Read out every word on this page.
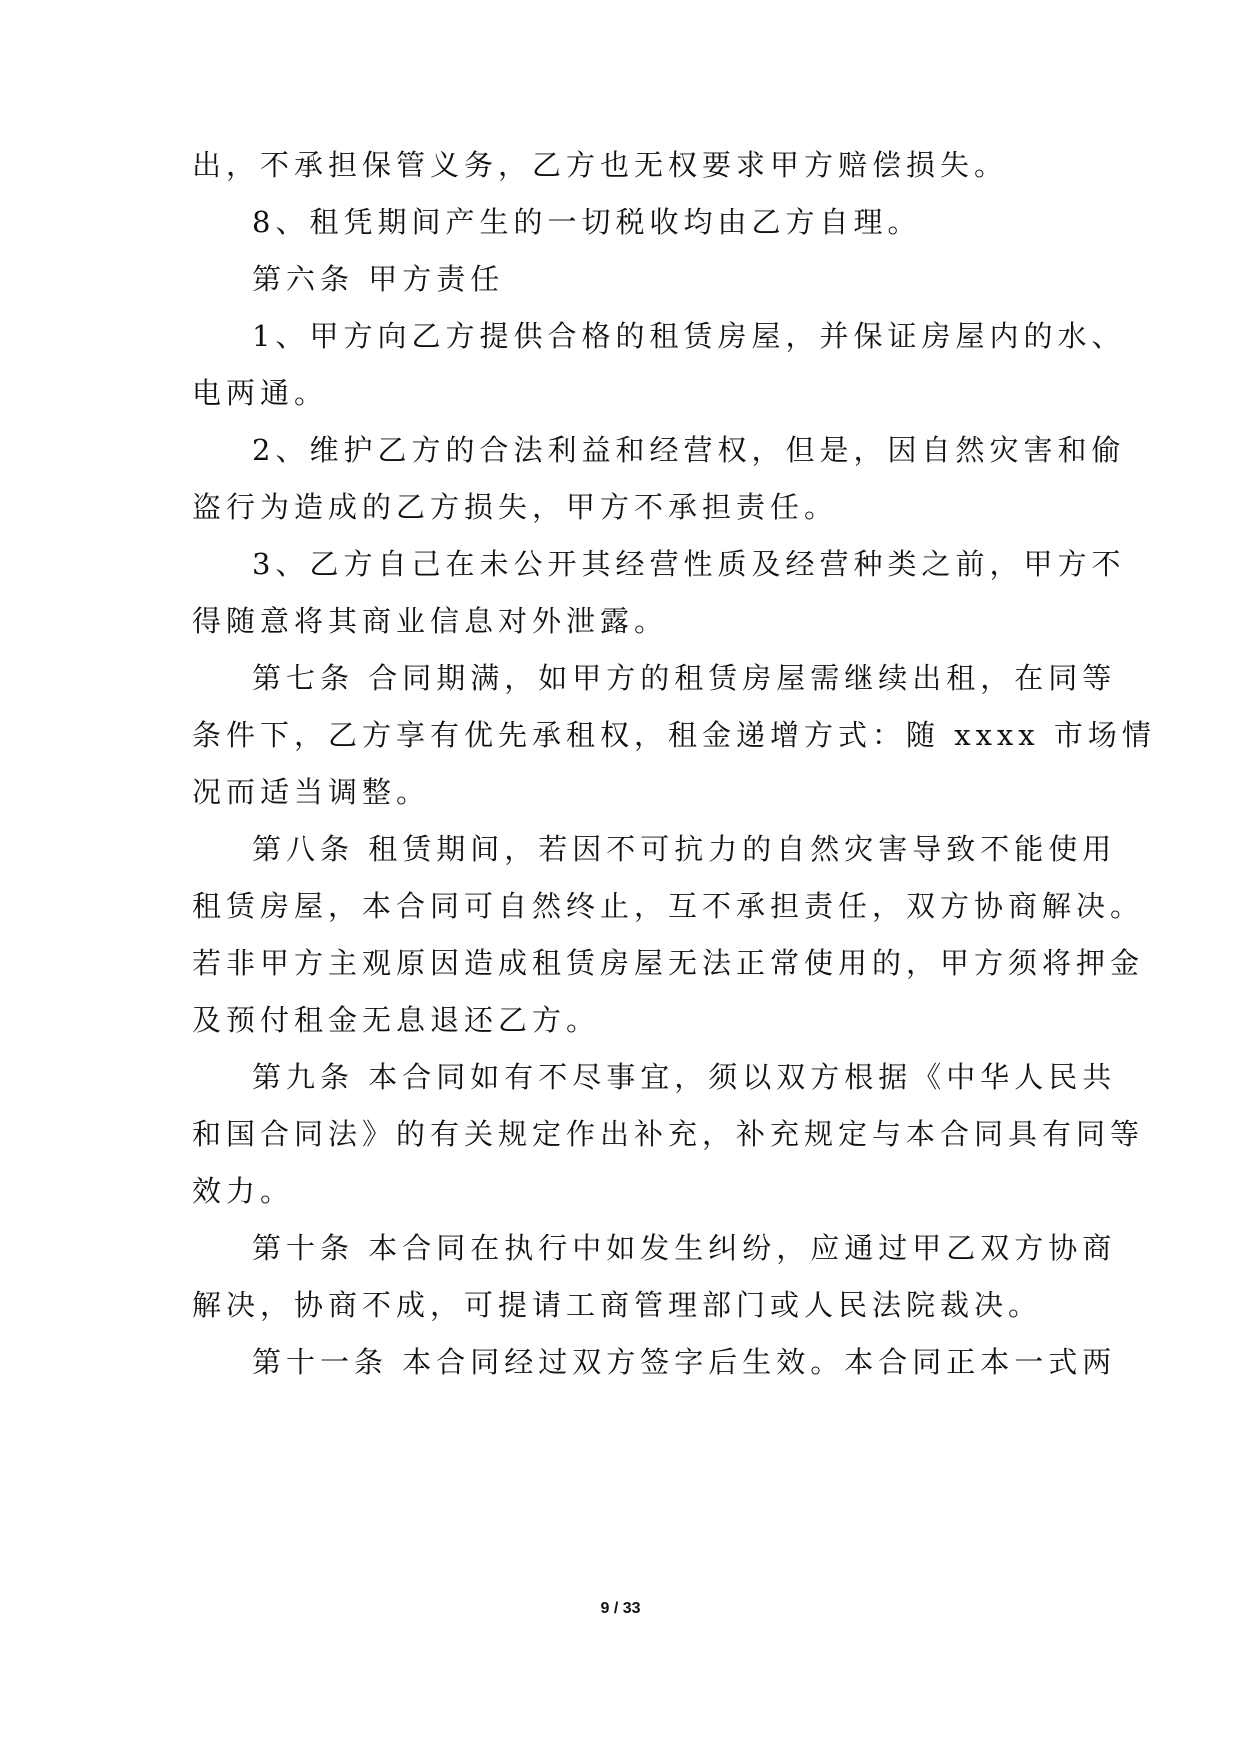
出，不承担保管义务，乙方也无权要求甲方赔偿损失。
8、租凭期间产生的一切税收均由乙方自理。
第六条 甲方责任
1、甲方向乙方提供合格的租赁房屋，并保证房屋内的水、
电两通。
2、维护乙方的合法利益和经营权，但是，因自然灾害和偷
盗行为造成的乙方损失，甲方不承担责任。
3、乙方自己在未公开其经营性质及经营种类之前，甲方不
得随意将其商业信息对外泄露。
第七条 合同期满，如甲方的租赁房屋需继续出租，在同等
条件下，乙方享有优先承租权，租金递增方式：随 xxxx 市场情
况而适当调整。
第八条 租赁期间，若因不可抗力的自然灾害导致不能使用
租赁房屋，本合同可自然终止，互不承担责任，双方协商解决。
若非甲方主观原因造成租赁房屋无法正常使用的，甲方须将押金
及预付租金无息退还乙方。
第九条 本合同如有不尽事宜，须以双方根据《中华人民共
和国合同法》的有关规定作出补充，补充规定与本合同具有同等
效力。
第十条 本合同在执行中如发生纠纷，应通过甲乙双方协商
解决，协商不成，可提请工商管理部门或人民法院裁决。
第十一条 本合同经过双方签字后生效。本合同正本一式两
9 / 33
